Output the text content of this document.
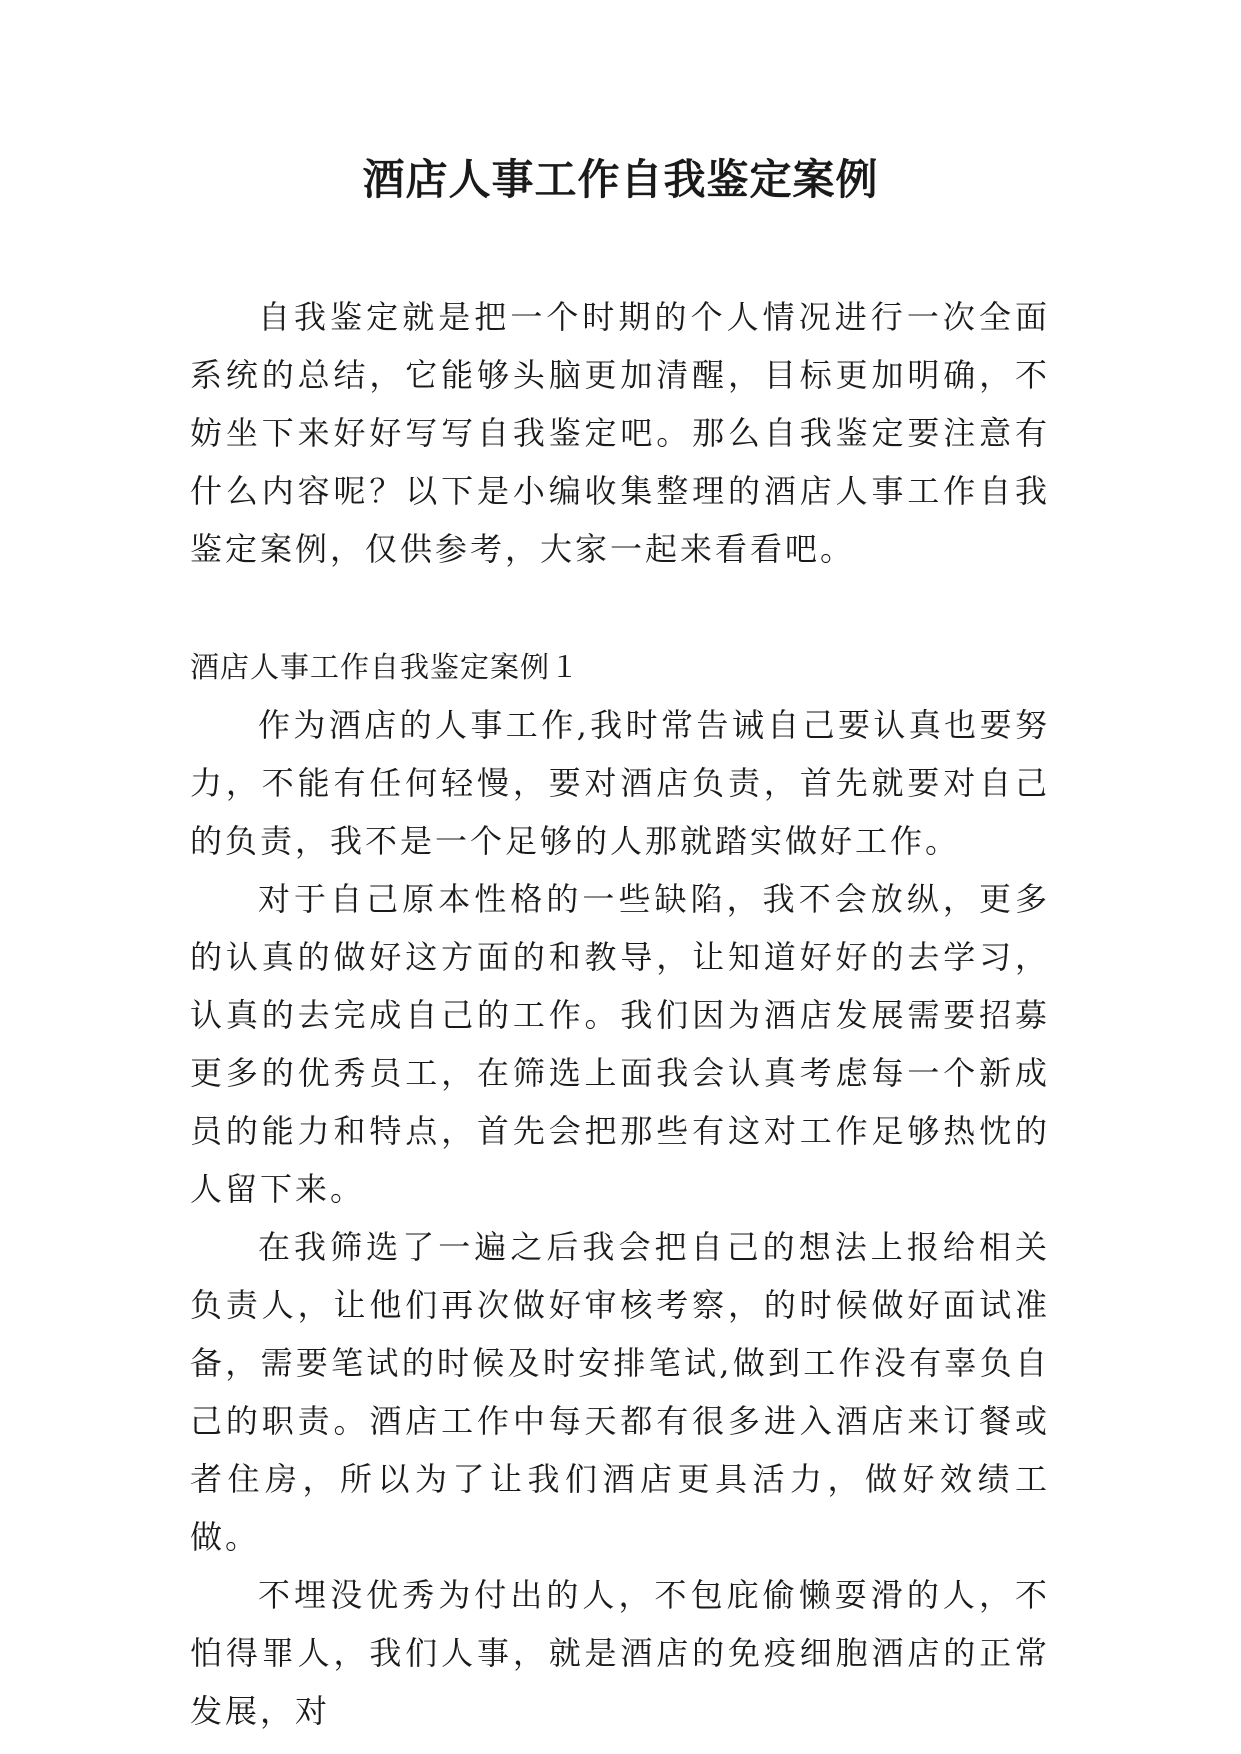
酒店人事工作自我鉴定案例

自我鉴定就是把一个时期的个人情况进行一次全面系统的总结，它能够头脑更加清醒，目标更加明确，不妨坐下来好好写写自我鉴定吧。那么自我鉴定要注意有什么内容呢？以下是小编收集整理的酒店人事工作自我鉴定案例，仅供参考，大家一起来看看吧。

酒店人事工作自我鉴定案例１

作为酒店的人事工作,我时常告诫自己要认真也要努力，不能有任何轻慢，要对酒店负责，首先就要对自己的负责，我不是一个足够的人那就踏实做好工作。

对于自己原本性格的一些缺陷，我不会放纵，更多的认真的做好这方面的和教导，让知道好好的去学习，认真的去完成自己的工作。我们因为酒店发展需要招募更多的优秀员工，在筛选上面我会认真考虑每一个新成员的能力和特点，首先会把那些有这对工作足够热忱的人留下来。

在我筛选了一遍之后我会把自己的想法上报给相关负责人，让他们再次做好审核考察，的时候做好面试准备，需要笔试的时候及时安排笔试,做到工作没有辜负自己的职责。酒店工作中每天都有很多进入酒店来订餐或者住房，所以为了让我们酒店更具活力，做好效绩工做。

不埋没优秀为付出的人，不包庇偷懒耍滑的人，不怕得罪人，我们人事，就是酒店的免疫细胞酒店的正常发展，对
